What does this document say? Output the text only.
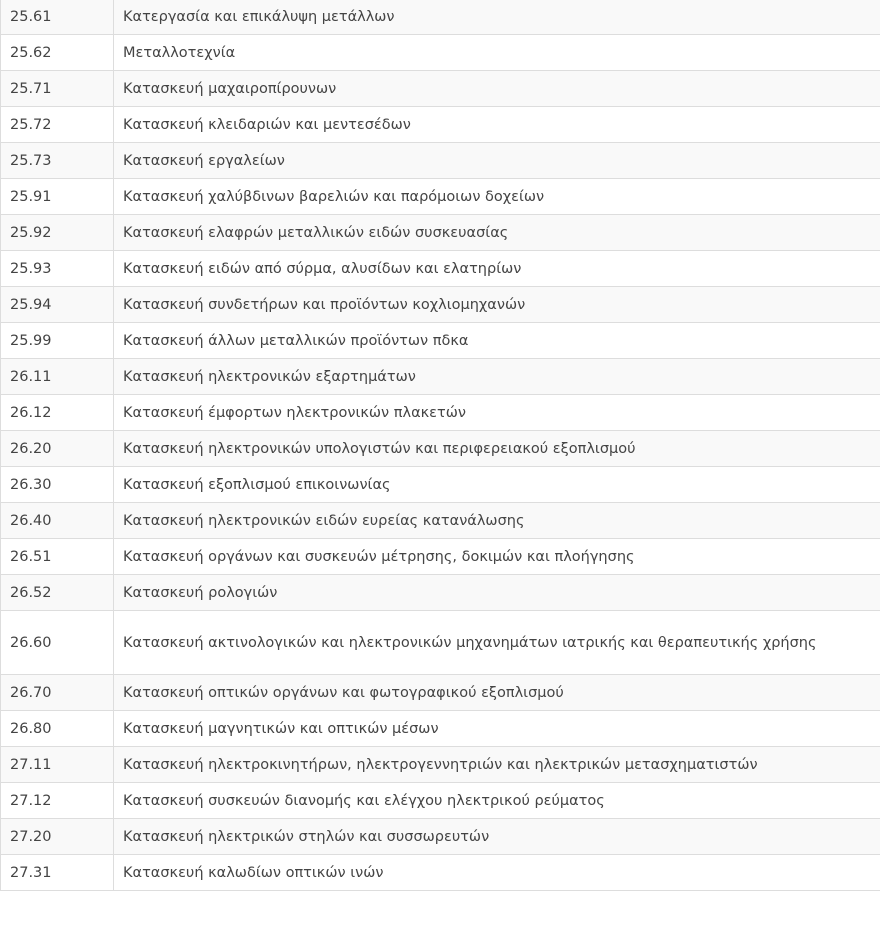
25.61	Κατεργασία και επικάλυψη μετάλλων
25.62	Μεταλλοτεχνία
25.71	Κατασκευή μαχαιροπίρουνων
25.72	Κατασκευή κλειδαριών και μεντεσέδων
25.73	Κατασκευή εργαλείων
25.91	Κατασκευή χαλύβδινων βαρελιών και παρόμοιων δοχείων
25.92	Κατασκευή ελαφρών μεταλλικών ειδών συσκευασίας
25.93	Κατασκευή ειδών από σύρμα, αλυσίδων και ελατηρίων
25.94	Κατασκευή συνδετήρων και προϊόντων κοχλιομηχανών
25.99	Κατασκευή άλλων μεταλλικών προϊόντων πδκα
26.11	Κατασκευή ηλεκτρονικών εξαρτημάτων
26.12	Κατασκευή έμφορτων ηλεκτρονικών πλακετών
26.20	Κατασκευή ηλεκτρονικών υπολογιστών και περιφερειακού εξοπλισμού
26.30	Κατασκευή εξοπλισμού επικοινωνίας
26.40	Κατασκευή ηλεκτρονικών ειδών ευρείας κατανάλωσης
26.51	Κατασκευή οργάνων και συσκευών μέτρησης, δοκιμών και πλοήγησης
26.52	Κατασκευή ρολογιών
26.60	Κατασκευή ακτινολογικών και ηλεκτρονικών μηχανημάτων ιατρικής και θεραπευτικής χρήσης
26.70	Κατασκευή οπτικών οργάνων και φωτογραφικού εξοπλισμού
26.80	Κατασκευή μαγνητικών και οπτικών μέσων
27.11	Κατασκευή ηλεκτροκινητήρων, ηλεκτρογεννητριών και ηλεκτρικών μετασχηματιστών
27.12	Κατασκευή συσκευών διανομής και ελέγχου ηλεκτρικού ρεύματος
27.20	Κατασκευή ηλεκτρικών στηλών και συσσωρευτών
27.31	Κατασκευή καλωδίων οπτικών ινών
